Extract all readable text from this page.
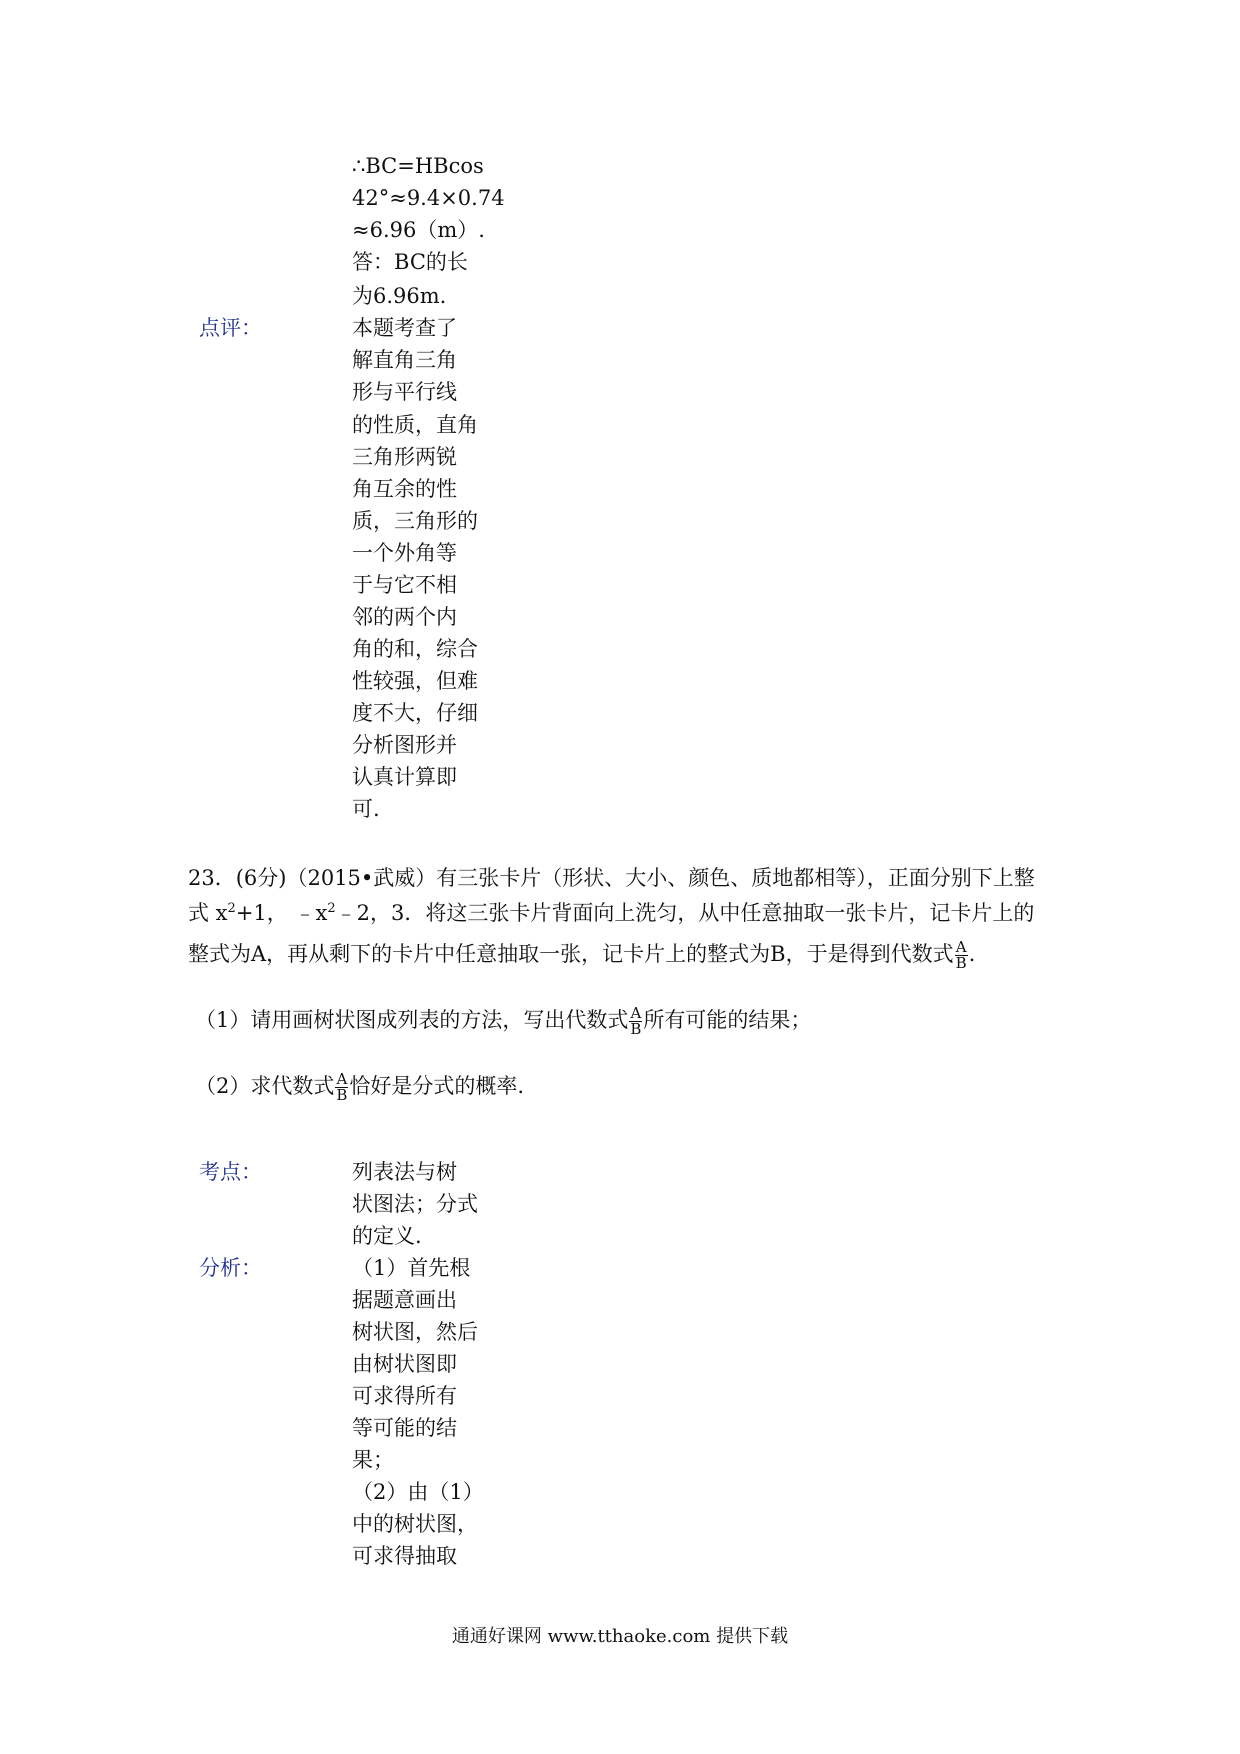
∴BC=HBcos
42°≈9.4×0.74
≈6.96（m）.
答：BC的长
为6.96m.
点评：	本题考查了
解直角三角
形与平行线
的性质，直角
三角形两锐
角互余的性
质，三角形的
一个外角等
于与它不相
邻的两个内
角的和，综合
性较强，但难
度不大，仔细
分析图形并
认真计算即
可.
23．(6分)（2015•武威）有三张卡片（形状、大小、颜色、质地都相等），正面分别下上整
式 $x^2+1$， $﹣x^2﹣2$，3．将这三张卡片背面向上洗匀，从中任意抽取一张卡片，记卡片上的
整式为A，再从剩下的卡片中任意抽取一张，记卡片上的整式为B，于是得到代数式 $\frac{A}{B}$ .
（1）请用画树状图成列表的方法，写出代数式 $\frac{A}{B}$ 所有可能的结果；
（2）求代数式 $\frac{A}{B}$ 恰好是分式的概率.
考点：	列表法与树
状图法；分式
的定义.
分析：	（1）首先根
据题意画出
树状图，然后
由树状图即
可求得所有
等可能的结
果；
（2）由（1）
中的树状图，
可求得抽取
通通好课网 www.tthaoke.com 提供下载
